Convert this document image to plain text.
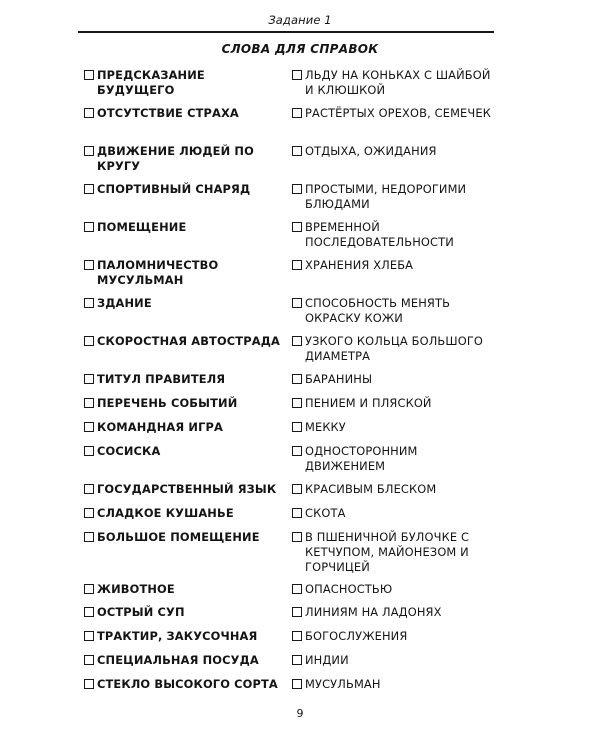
Задание 1
СЛОВА ДЛЯ СПРАВОК
ПРЕДСКАЗАНИЕ БУДУЩЕГО
ОТСУТСТВИЕ СТРАХА
ДВИЖЕНИЕ ЛЮДЕЙ ПО КРУГУ
СПОРТИВНЫЙ СНАРЯД
ПОМЕЩЕНИЕ
ПАЛОМНИЧЕСТВО МУСУЛЬМАН
ЗДАНИЕ
СКОРОСТНАЯ АВТОСТРАДА
ТИТУЛ ПРАВИТЕЛЯ
ПЕРЕЧЕНЬ СОБЫТИЙ
КОМАНДНАЯ ИГРА
СОСИСКА
ГОСУДАРСТВЕННЫЙ ЯЗЫК
СЛАДКОЕ КУШАНЬЕ
БОЛЬШОЕ ПОМЕЩЕНИЕ
ЖИВОТНОЕ
ОСТРЫЙ СУП
ТРАКТИР, ЗАКУСОЧНАЯ
СПЕЦИАЛЬНАЯ ПОСУДА
СТЕКЛО ВЫСОКОГО СОРТА
ЛЬДУ НА КОНЬКАХ С ШАЙБОЙ И КЛЮШКОЙ
РАСТЁРТЫХ ОРЕХОВ, СЕМЕЧЕК
ОТДЫХА, ОЖИДАНИЯ
ПРОСТЫМИ, НЕДОРОГИМИ БЛЮДАМИ
ВРЕМЕННОЙ ПОСЛЕДОВАТЕЛЬНОСТИ
ХРАНЕНИЯ ХЛЕБА
СПОСОБНОСТЬ МЕНЯТЬ ОКРАСКУ КОЖИ
УЗКОГО КОЛЬЦА БОЛЬШОГО ДИАМЕТРА
БАРАНИНЫ
ПЕНИЕМ И ПЛЯСКОЙ
МЕККУ
ОДНОСТОРОННИМ ДВИЖЕНИЕМ
КРАСИВЫМ БЛЕСКОМ
СКОТА
В ПШЕНИЧНОЙ БУЛОЧКЕ С КЕТЧУПОМ, МАЙОНЕЗОМ И ГОРЧИЦЕЙ
ОПАСНОСТЬЮ
ЛИНИЯМ НА ЛАДОНЯХ
БОГОСЛУЖЕНИЯ
ИНДИИ
МУСУЛЬМАН
9
